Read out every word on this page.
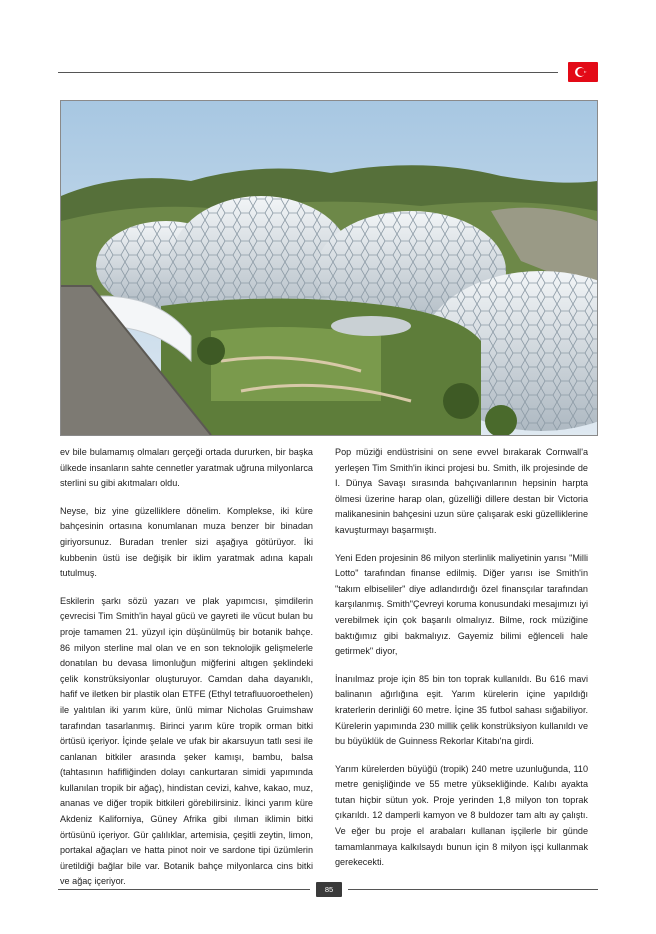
ev bile bulamamış olmaları gerçeği ortada dururken, bir başka ülkede insanların sahte cennetler yaratmak uğruna milyonlarca sterlini su gibi akıtmaları oldu.

Neyse, biz yine güzelliklere dönelim. Komplekse, iki küre bahçesinin ortasına konumlanan muza benzer bir binadan giriyorsunuz. Buradan trenler sizi aşağıya götürüyor. İki kubbenin üstü ise değişik bir iklim yaratmak adına kapalı tutulmuş.

Eskilerin şarkı sözü yazarı ve plak yapımcısı, şimdilerin çevrecisi Tim Smith'in hayal gücü ve gayreti ile vücut bulan bu proje tamamen 21. yüzyıl için düşünülmüş bir botanik bahçe. 86 milyon sterline mal olan ve en son teknolojik gelişmelerle donatılan bu devasa limonluğun miğferini altıgen şeklindeki çelik konstrüksiyonlar oluşturuyor. Camdan daha dayanıklı, hafif ve iletken bir plastik olan ETFE (Ethyl tetrafluuoroethelen) ile yalıtılan iki yarım küre, ünlü mimar Nicholas Gruimshaw tarafından tasarlanmış. Birinci yarım küre tropik orman bitki örtüsü içeriyor. İçinde şelale ve ufak bir akarsuyun tatlı sesi ile canlanan bitkiler arasında şeker kamışı, bambu, balsa (tahtasının hafifliğinden dolayı cankurtaran simidi yapımında kullanılan tropik bir ağaç), hindistan cevizi, kahve, kakao, muz, ananas ve diğer tropik bitkileri görebilirsiniz. İkinci yarım küre Akdeniz Kaliforniya, Güney Afrika gibi ılıman iklimin bitki örtüsünü içeriyor. Gür çalılıklar, artemisia, çeşitli zeytin, limon, portakal ağaçları ve hatta pinot noir ve sardone tipi üzümlerin üretildiği bağlar bile var. Botanik bahçe milyonlarca cins bitki ve ağaç içeriyor.

Pop müziği endüstrisini on sene evvel bırakarak Cornwall'a yerleşen Tim Smith'in ikinci projesi bu. Smith, ilk projesinde de I. Dünya Savaşı sırasında bahçıvanlarının hepsinin harpta ölmesi üzerine harap olan, güzelliği dillere destan bir Victoria malikanesinin bahçesini uzun süre çalışarak eski güzelliklerine kavuşturmayı başarmıştı.

Yeni Eden projesinin 86 milyon sterlinlik maliyetinin yarısı "Milli Lotto" tarafından finanse edilmiş. Diğer yarısı ise Smith'in "takım elbiseliler" diye adlandırdığı özel finansçılar tarafından karşılanmış. Smith"Çevreyi koruma konusundaki mesajımızı iyi verebilmek için çok başarılı olmalıyız. Bilme, rock müziğine baktığımız gibi bakmalıyız. Gayemiz bilimi eğlenceli hale getirmek" diyor,

İnanılmaz proje için 85 bin ton toprak kullanıldı. Bu 616 mavi balinanın ağırlığına eşit. Yarım kürelerin içine yapıldığı kraterlerin derinliği 60 metre. İçine 35 futbol sahası sığabiliyor. Kürelerin yapımında 230 millik çelik konstrüksiyon kullanıldı ve bu büyüklük de Guinness Rekorlar Kitabı'na girdi.

Yarım kürelerden büyüğü (tropik) 240 metre uzunluğunda, 110 metre genişliğinde ve 55 metre yüksekliğinde. Kalıbı ayakta tutan hiçbir sütun yok. Proje yerinden 1,8 milyon ton toprak çıkarıldı. 12 damperli kamyon ve 8 buldozer tam altı ay çalıştı. Ve eğer bu proje el arabaları kullanan işçilerle bir günde tamamlanmaya kalkılsaydı bunun için 8 milyon işçi kullanmak gerekecekti.

85
